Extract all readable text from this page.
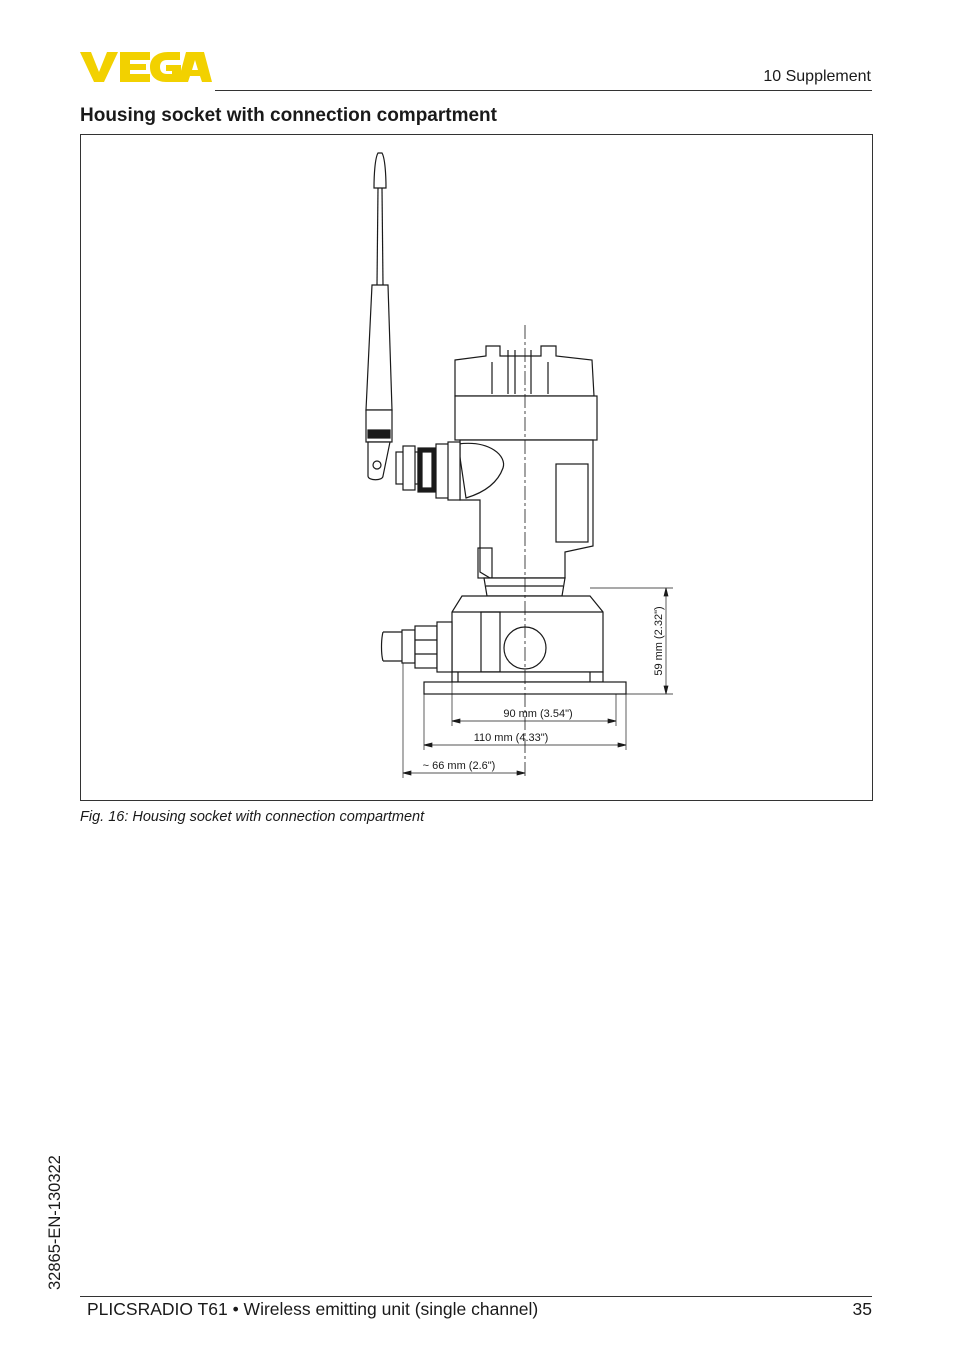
10 Supplement
Housing socket with connection compartment
59 mm (2.32")
90 mm (3.54")
110 mm (4.33")
~ 66 mm (2.6")
Fig. 16: Housing socket with connection compartment
32865-EN-130322
PLICSRADIO T61 • Wireless emitting unit (single channel)	35
